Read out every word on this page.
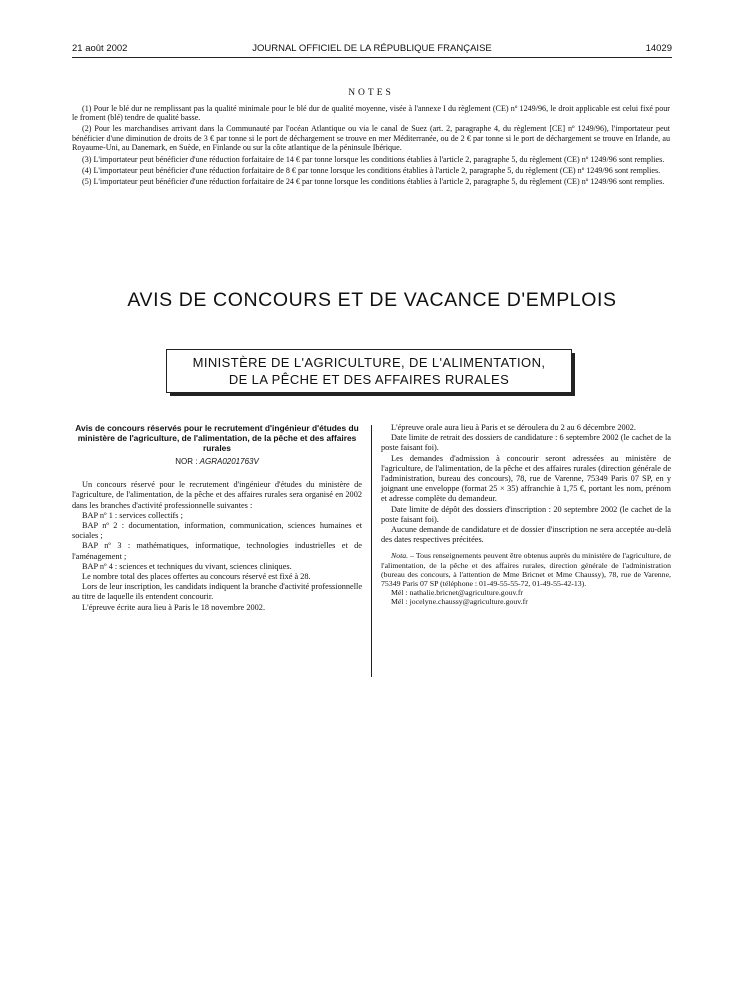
21 août 2002	JOURNAL OFFICIEL DE LA RÉPUBLIQUE FRANÇAISE	14029
NOTES

(1) Pour le blé dur ne remplissant pas la qualité minimale pour le blé dur de qualité moyenne, visée à l'annexe I du règlement (CE) nº 1249/96, le droit applicable est celui fixé pour le froment (blé) tendre de qualité basse.

(2) Pour les marchandises arrivant dans la Communauté par l'océan Atlantique ou via le canal de Suez (art. 2, paragraphe 4, du règlement [CE] nº 1249/96), l'importateur peut bénéficier d'une diminution de droits de 3 € par tonne si le port de déchargement se trouve en mer Méditerranée, ou de 2 € par tonne si le port de déchargement se trouve en Irlande, au Royaume-Uni, au Danemark, en Suède, en Finlande ou sur la côte atlantique de la péninsule Ibérique.

(3) L'importateur peut bénéficier d'une réduction forfaitaire de 14 € par tonne lorsque les conditions établies à l'article 2, paragraphe 5, du règlement (CE) nº 1249/96 sont remplies.

(4) L'importateur peut bénéficier d'une réduction forfaitaire de 8 € par tonne lorsque les conditions établies à l'article 2, paragraphe 5, du règlement (CE) nº 1249/96 sont remplies.

(5) L'importateur peut bénéficier d'une réduction forfaitaire de 24 € par tonne lorsque les conditions établies à l'article 2, paragraphe 5, du règlement (CE) nº 1249/96 sont remplies.

AVIS DE CONCOURS ET DE VACANCE D'EMPLOIS
MINISTÈRE DE L'AGRICULTURE, DE L'ALIMENTATION,
DE LA PÊCHE ET DES AFFAIRES RURALES
Avis de concours réservés pour le recrutement d'ingénieur d'études du ministère de l'agriculture, de l'alimentation, de la pêche et des affaires rurales
NOR : AGRA0201763V

Un concours réservé pour le recrutement d'ingénieur d'études du ministère de l'agriculture, de l'alimentation, de la pêche et des affaires rurales sera organisé en 2002 dans les branches d'activité professionnelle suivantes :

BAP nº 1 : services collectifs ;

BAP nº 2 : documentation, information, communication, sciences humaines et sociales ;

BAP nº 3 : mathématiques, informatique, technologies industrielles et de l'aménagement ;

BAP nº 4 : sciences et techniques du vivant, sciences cliniques.

Le nombre total des places offertes au concours réservé est fixé à 28.

Lors de leur inscription, les candidats indiquent la branche d'activité professionnelle au titre de laquelle ils entendent concourir.

L'épreuve écrite aura lieu à Paris le 18 novembre 2002.

L'épreuve orale aura lieu à Paris et se déroulera du 2 au 6 décembre 2002.

Date limite de retrait des dossiers de candidature : 6 septembre 2002 (le cachet de la poste faisant foi).

Les demandes d'admission à concourir seront adressées au ministère de l'agriculture, de l'alimentation, de la pêche et des affaires rurales (direction générale de l'administration, bureau des concours), 78, rue de Varenne, 75349 Paris 07 SP, en y joignant une enveloppe (format 25 × 35) affranchie à 1,75 €, portant les nom, prénom et adresse complète du demandeur.

Date limite de dépôt des dossiers d'inscription : 20 septembre 2002 (le cachet de la poste faisant foi).

Aucune demande de candidature et de dossier d'inscription ne sera acceptée au-delà des dates respectives précitées.

Nota. – Tous renseignements peuvent être obtenus auprès du ministère de l'agriculture, de l'alimentation, de la pêche et des affaires rurales, direction générale de l'administration (bureau des concours, à l'attention de Mme Bricnet et Mme Chaussy), 78, rue de Varenne, 75349 Paris 07 SP (téléphone : 01-49-55-55-72, 01-49-55-42-13).

Mél : nathalie.bricnet@agriculture.gouv.fr

Mél : jocelyne.chaussy@agriculture.gouv.fr
